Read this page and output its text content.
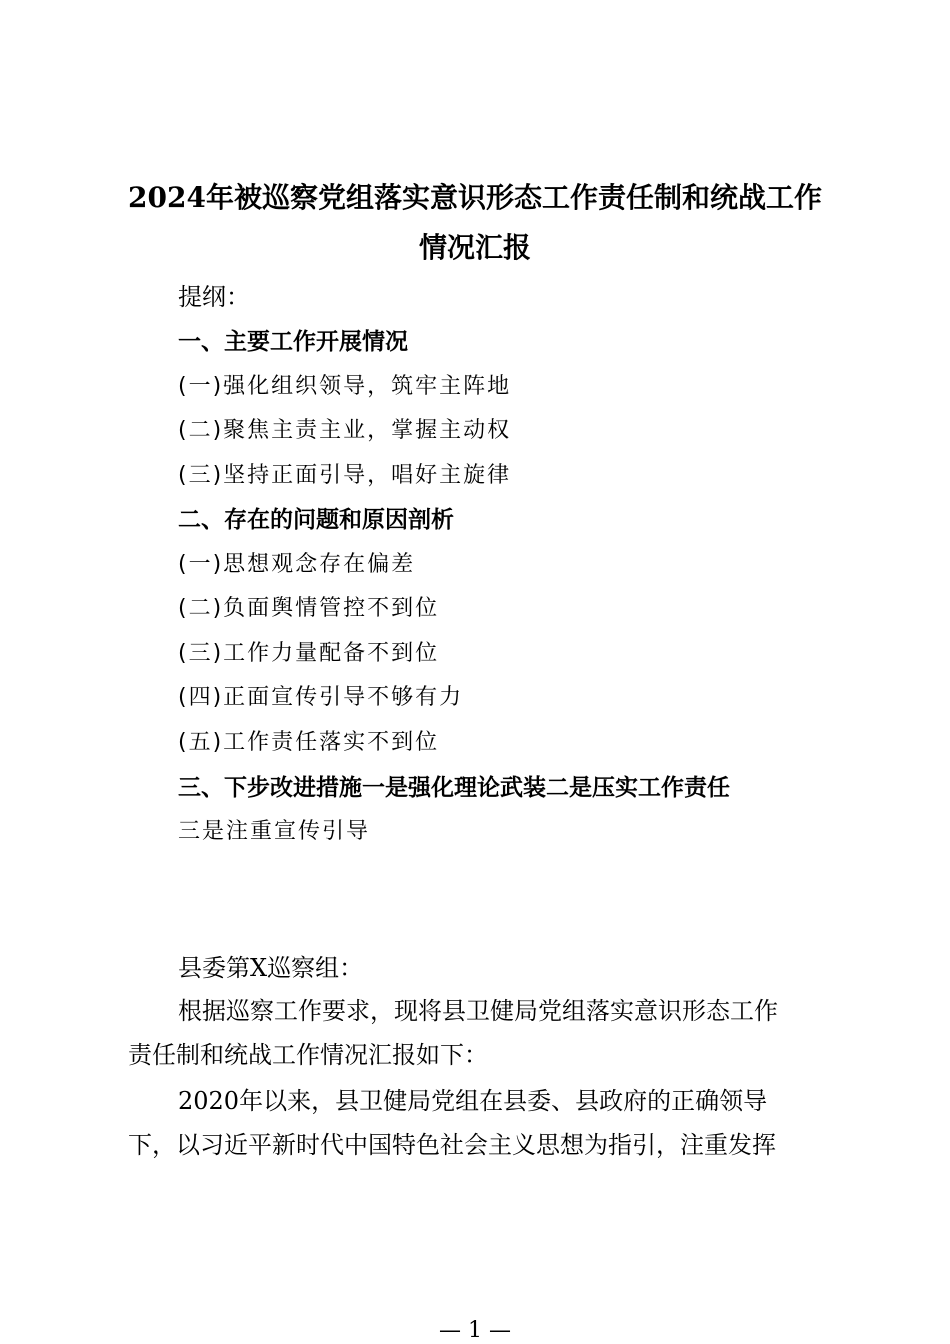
2024年被巡察党组落实意识形态工作责任制和统战工作
情况汇报
提纲：
一、主要工作开展情况
(一)强化组织领导，筑牢主阵地
(二)聚焦主责主业，掌握主动权
(三)坚持正面引导，唱好主旋律
二、存在的问题和原因剖析
(一)思想观念存在偏差
(二)负面舆情管控不到位
(三)工作力量配备不到位
(四)正面宣传引导不够有力
(五)工作责任落实不到位
三、下步改进措施一是强化理论武装二是压实工作责任
三是注重宣传引导
县委第X巡察组：
根据巡察工作要求，现将县卫健局党组落实意识形态工作
责任制和统战工作情况汇报如下：
2020年以来，县卫健局党组在县委、县政府的正确领导
下，以习近平新时代中国特色社会主义思想为指引，注重发挥
— 1 —
